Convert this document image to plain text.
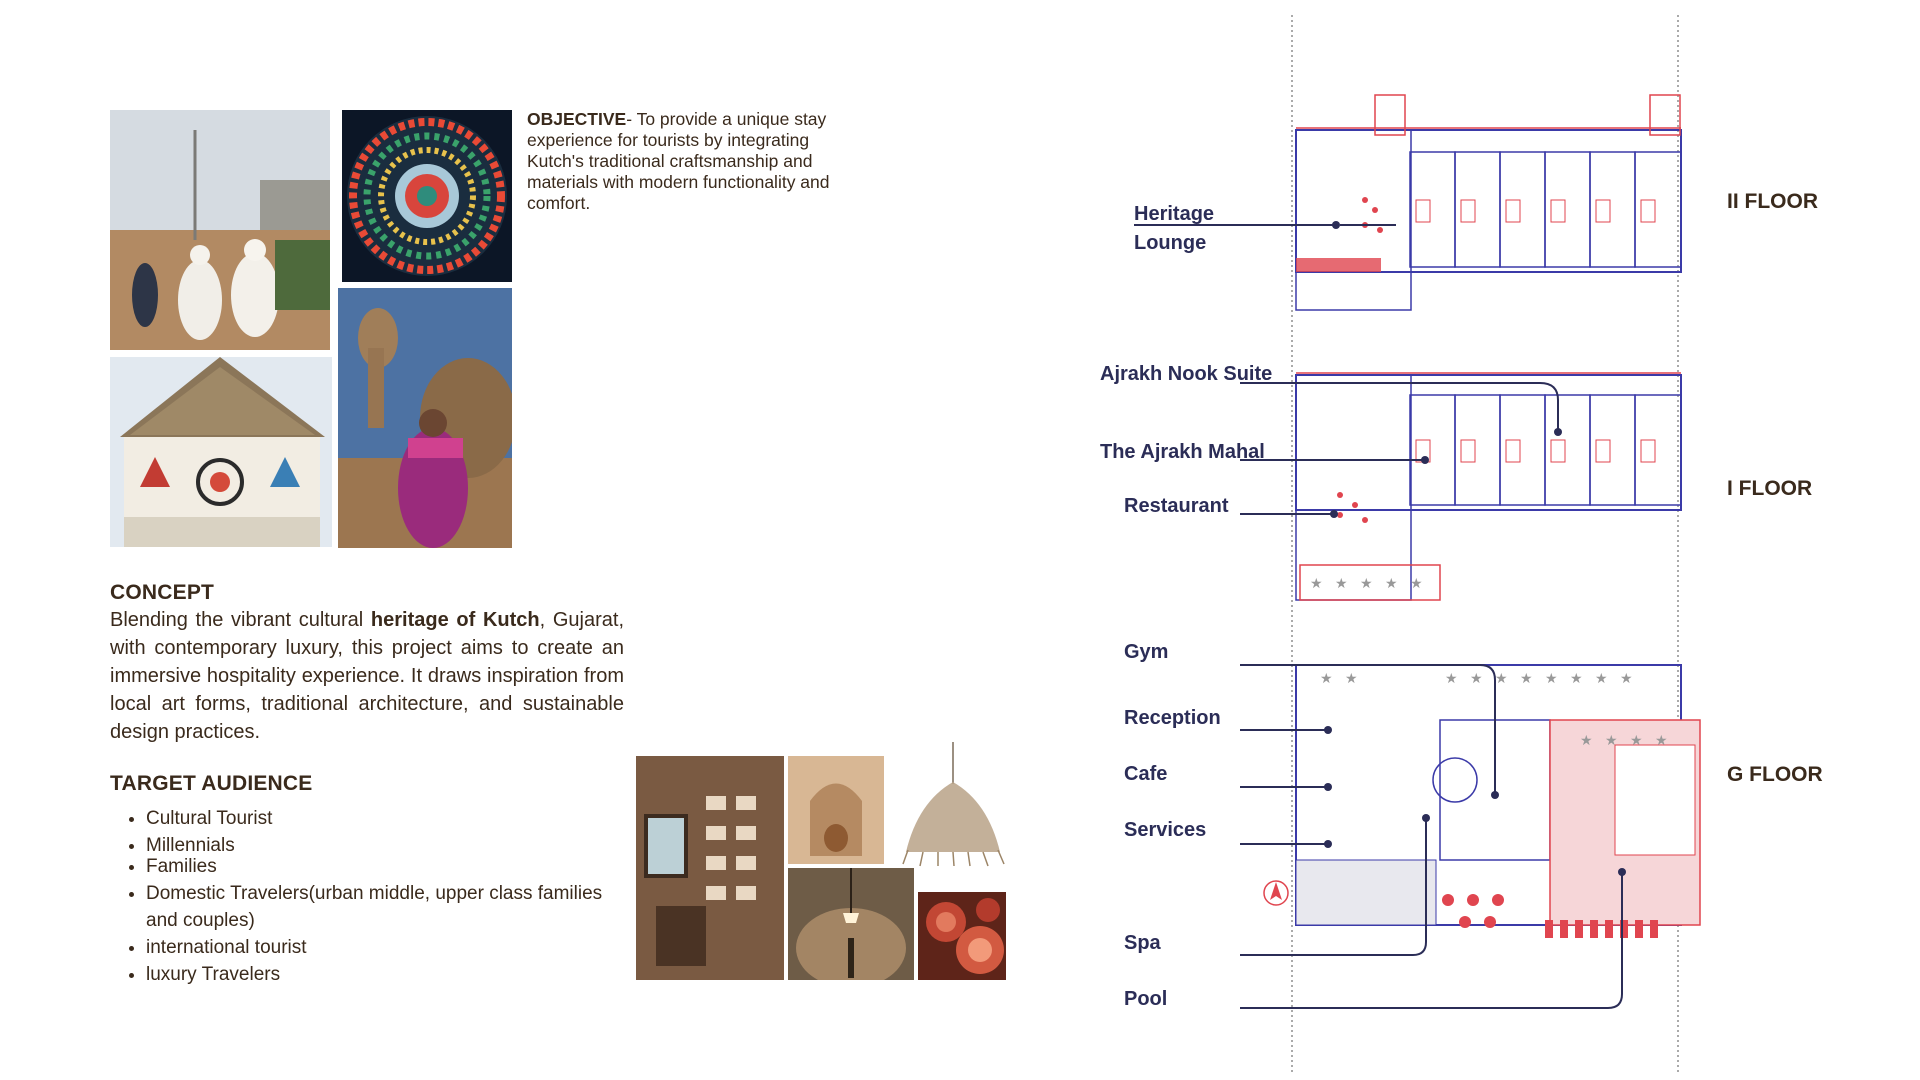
OBJECTIVE- To provide a unique stay experience for tourists by integrating Kutch's traditional craftsmanship and materials with modern functionality and comfort.
CONCEPT
Blending the vibrant cultural heritage of Kutch, Gujarat, with contemporary luxury, this project aims to create an immersive hospitality experience. It draws inspiration from local art forms, traditional architecture, and sustainable design practices.
TARGET AUDIENCE
• Cultural Tourist
• Millennials
• Families
• Domestic Travelers(urban middle, upper class families and couples)
• international tourist
• luxury Travelers
★ ★ ★ ★ ★
★ ★	★ ★ ★ ★ ★ ★ ★ ★
★ ★ ★ ★
Heritage
Lounge
Ajrakh Nook Suite
The Ajrakh Mahal
Restaurant
Gym
Reception
Cafe
Services
Spa
Pool
II FLOOR
I FLOOR
G FLOOR
